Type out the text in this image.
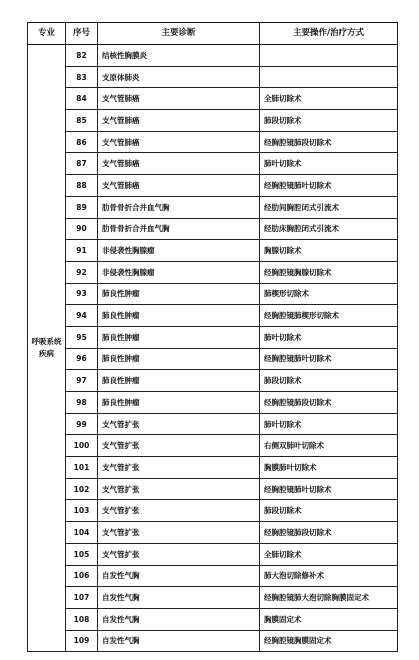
专业	序号	主要诊断	主要操作/治疗方式
呼吸系统疾病	82	结核性胸膜炎	
	83	支原体肺炎	
	84	支气管肺癌	全肺切除术
	85	支气管肺癌	肺段切除术
	86	支气管肺癌	经胸腔镜肺段切除术
	87	支气管肺癌	肺叶切除术
	88	支气管肺癌	经胸腔镜肺叶切除术
	89	肋骨骨折合并血气胸	经肋间胸腔闭式引流术
	90	肋骨骨折合并血气胸	经肋床胸腔闭式引流术
	91	非侵袭性胸腺瘤	胸腺切除术
	92	非侵袭性胸腺瘤	经胸腔镜胸腺切除术
	93	肺良性肿瘤	肺楔形切除术
	94	肺良性肿瘤	经胸腔镜肺楔形切除术
	95	肺良性肿瘤	肺叶切除术
	96	肺良性肿瘤	经胸腔镜肺叶切除术
	97	肺良性肿瘤	肺段切除术
	98	肺良性肿瘤	经胸腔镜肺段切除术
	99	支气管扩张	肺叶切除术
	100	支气管扩张	右侧双肺叶切除术
	101	支气管扩张	胸膜肺叶切除术
	102	支气管扩张	经胸腔镜肺叶切除术
	103	支气管扩张	肺段切除术
	104	支气管扩张	经胸腔镜肺段切除术
	105	支气管扩张	全肺切除术
	106	自发性气胸	肺大泡切除修补术
	107	自发性气胸	经胸腔镜肺大泡切除胸膜固定术
	108	自发性气胸	胸膜固定术
	109	自发性气胸	经胸腔镜胸膜固定术
